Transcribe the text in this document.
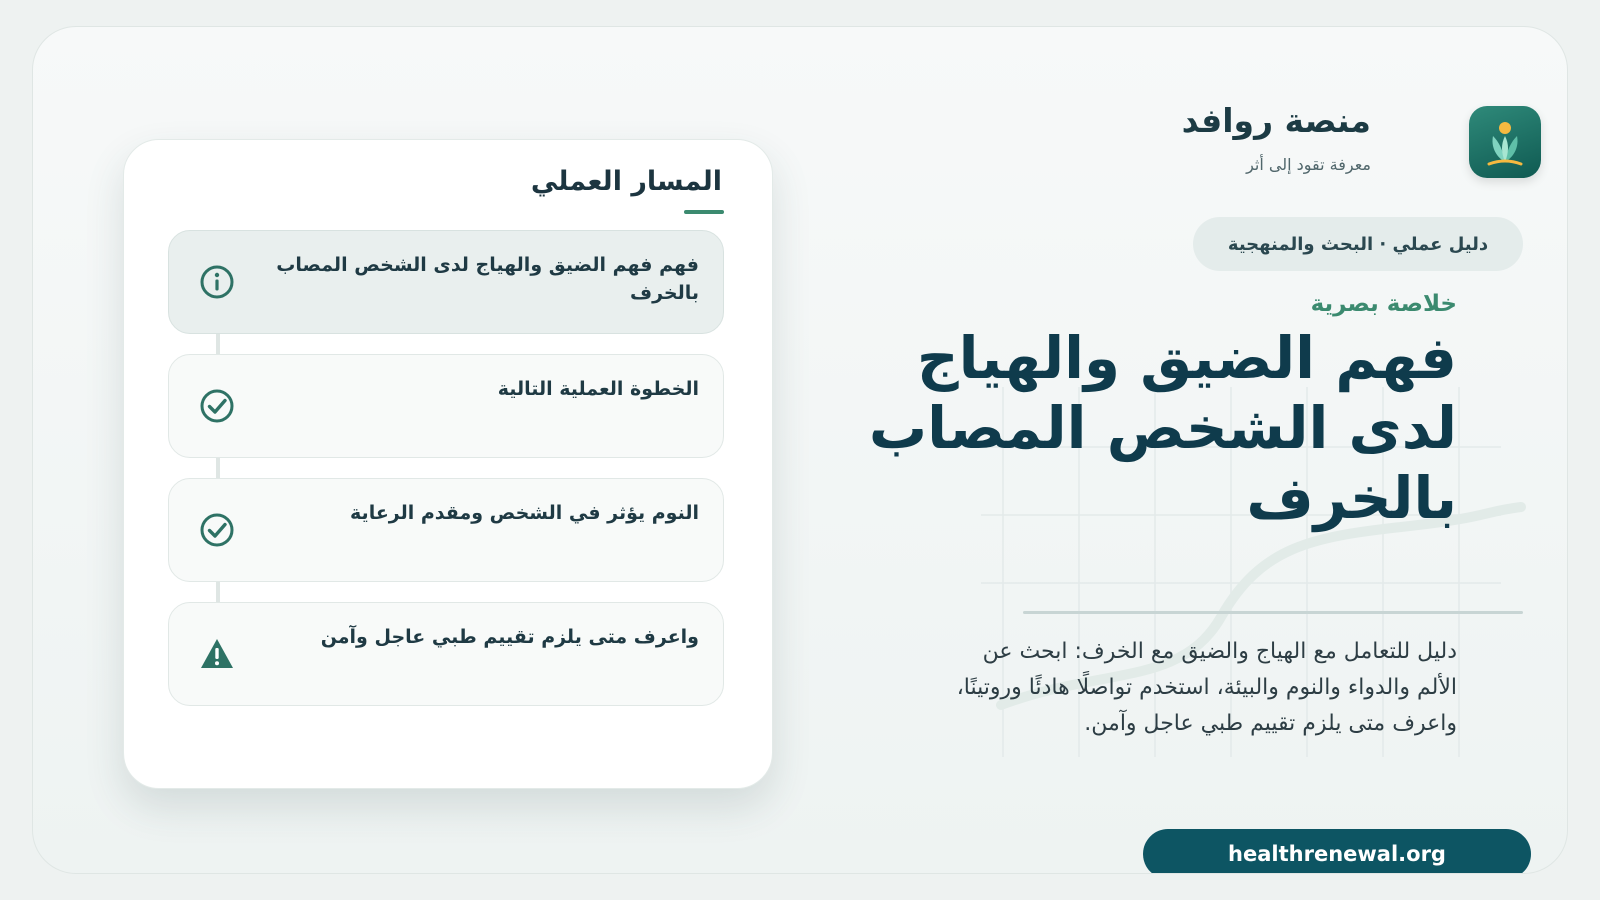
منصة روافد
معرفة تقود إلى أثر
دليل عملي · البحث والمنهجية
خلاصة بصرية
فهم الضيق والهياج لدى الشخص المصاب بالخرف

دليل للتعامل مع الهياج والضيق مع الخرف: ابحث عن الألم والدواء والنوم والبيئة، استخدم تواصلًا هادئًا وروتينًا، واعرف متى يلزم تقييم طبي عاجل وآمن.

healthrenewal.org
المسار العملي
فهم فهم الضيق والهياج لدى الشخص المصاب بالخرف
الخطوة العملية التالية
النوم يؤثر في الشخص ومقدم الرعاية
واعرف متى يلزم تقييم طبي عاجل وآمن
